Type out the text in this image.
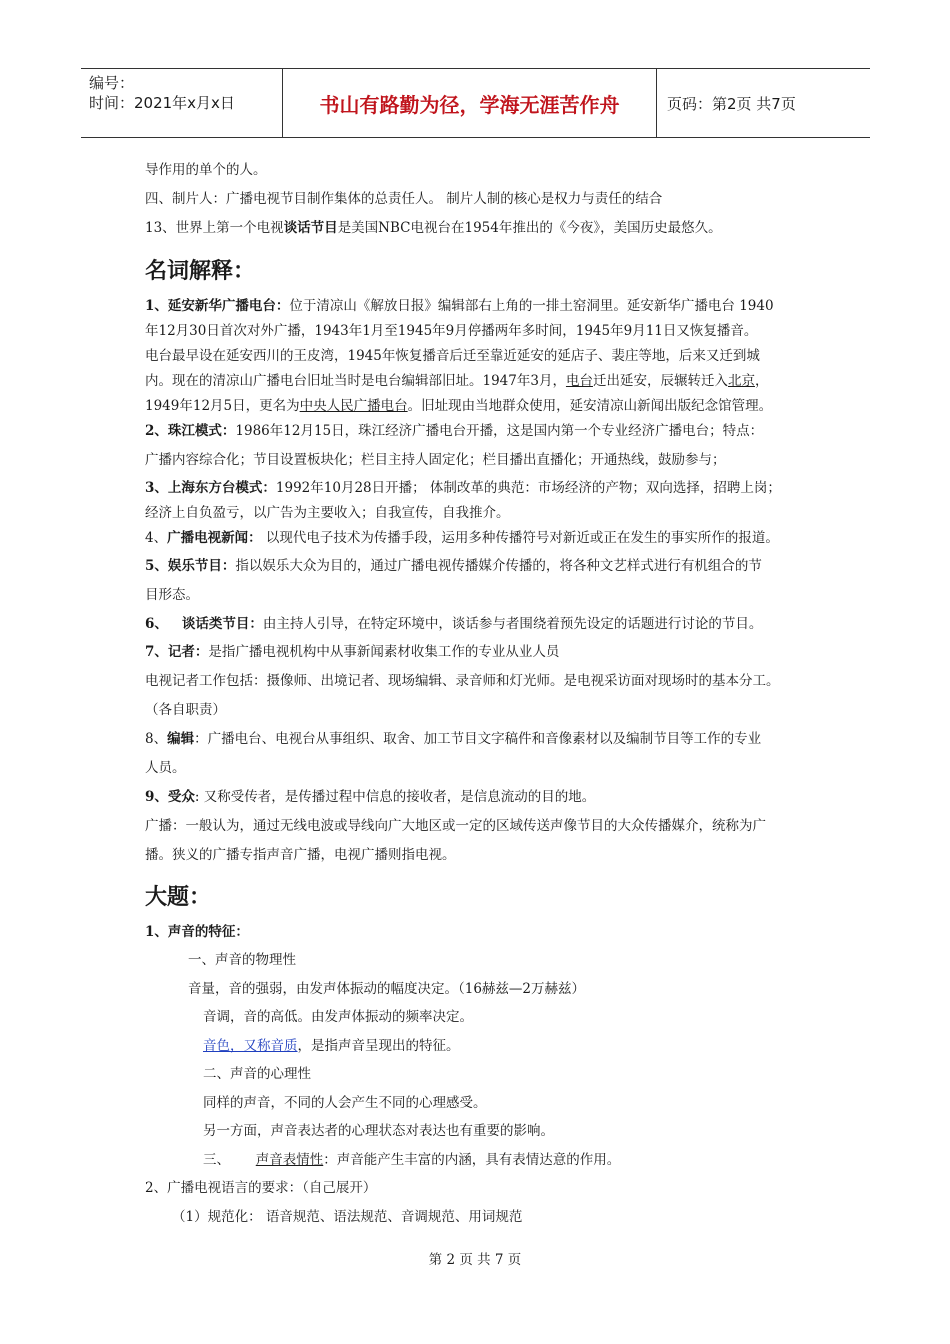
编号：
时间：2021年x月x日	书山有路勤为径，学海无涯苦作舟	页码：第2页 共7页
导作用的单个的人。
四、制片人：广播电视节目制作集体的总责任人。 制片人制的核心是权力与责任的结合
13、世界上第一个电视谈话节目是美国NBC电视台在1954年推出的《今夜》，美国历史最悠久。
名词解释：
1、延安新华广播电台：位于清凉山《解放日报》编辑部右上角的一排土窑洞里。延安新华广播电台 1940
年12月30日首次对外广播，1943年1月至1945年9月停播两年多时间，1945年9月11日又恢复播音。
电台最早设在延安西川的王皮湾，1945年恢复播音后迁至靠近延安的延店子、裴庄等地，后来又迁到城
内。现在的清凉山广播电台旧址当时是电台编辑部旧址。1947年3月，电台迁出延安，辰辗转迁入北京，
1949年12月5日，更名为中央人民广播电台。旧址现由当地群众使用，延安清凉山新闻出版纪念馆管理。
2、珠江模式：1986年12月15日，珠江经济广播电台开播，这是国内第一个专业经济广播电台；特点：
广播内容综合化；节目设置板块化；栏目主持人固定化；栏目播出直播化；开通热线，鼓励参与；
3、上海东方台模式：1992年10月28日开播； 体制改革的典范：市场经济的产物；双向选择，招聘上岗；
经济上自负盈亏，以广告为主要收入；自我宣传，自我推介。
4、广播电视新闻： 以现代电子技术为传播手段，运用多种传播符号对新近或正在发生的事实所作的报道。
5、娱乐节目：指以娱乐大众为目的，通过广播电视传播媒介传播的，将各种文艺样式进行有机组合的节
目形态。
6、 谈话类节目：由主持人引导，在特定环境中，谈话参与者围绕着预先设定的话题进行讨论的节目。
7、记者：是指广播电视机构中从事新闻素材收集工作的专业从业人员
电视记者工作包括：摄像师、出境记者、现场编辑、录音师和灯光师。是电视采访面对现场时的基本分工。
（各自职责）
8、编辑：广播电台、电视台从事组织、取舍、加工节目文字稿件和音像素材以及编制节目等工作的专业
人员。
9、受众: 又称受传者，是传播过程中信息的接收者，是信息流动的目的地。
广播：一般认为，通过无线电波或导线向广大地区或一定的区域传送声像节目的大众传播媒介，统称为广
播。狭义的广播专指声音广播，电视广播则指电视。
大题：
1、声音的特征：
一、声音的物理性
音量，音的强弱，由发声体振动的幅度决定。（16赫兹—2万赫兹）
音调，音的高低。由发声体振动的频率决定。
音色，又称音质，是指声音呈现出的特征。
二、声音的心理性
同样的声音，不同的人会产生不同的心理感受。
另一方面，声音表达者的心理状态对表达也有重要的影响。
三、      声音表情性：声音能产生丰富的内涵，具有表情达意的作用。
2、广播电视语言的要求：（自己展开）
（1）规范化： 语音规范、语法规范、音调规范、用词规范
第 2 页 共 7 页
